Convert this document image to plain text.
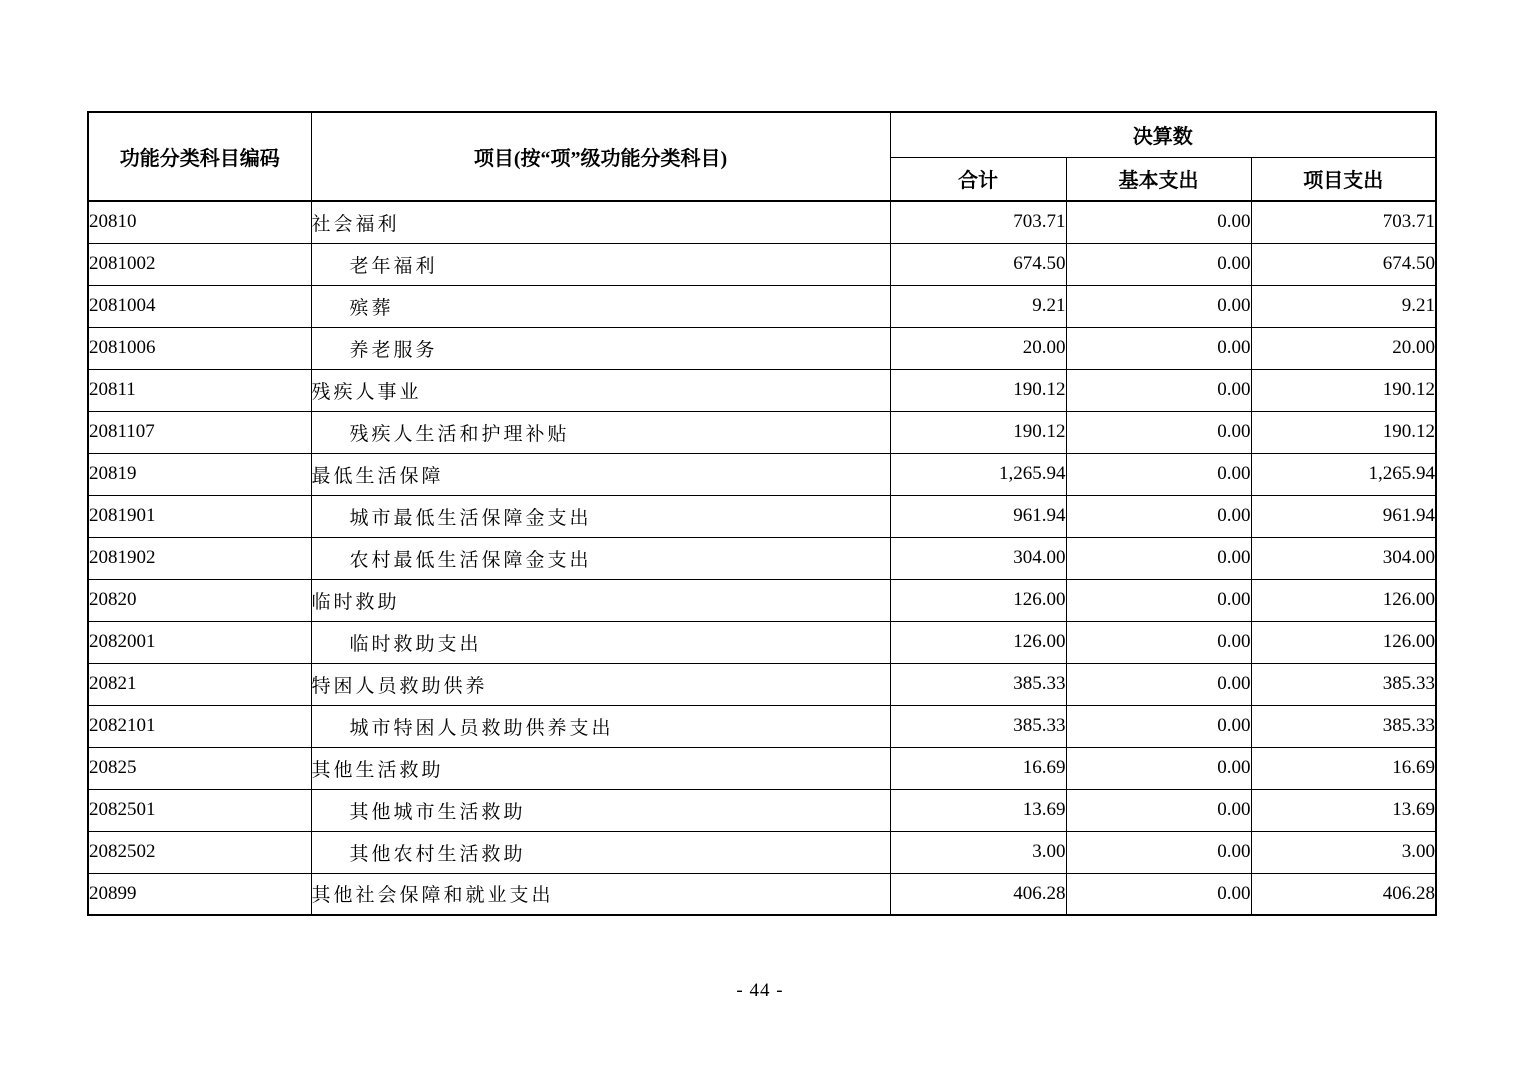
功能分类科目编码	项目(按“项”级功能分类科目)	决算数		
		合计	基本支出	项目支出
20810	社会福利	703.71	0.00	703.71
2081002	老年福利	674.50	0.00	674.50
2081004	殡葬	9.21	0.00	9.21
2081006	养老服务	20.00	0.00	20.00
20811	残疾人事业	190.12	0.00	190.12
2081107	残疾人生活和护理补贴	190.12	0.00	190.12
20819	最低生活保障	1,265.94	0.00	1,265.94
2081901	城市最低生活保障金支出	961.94	0.00	961.94
2081902	农村最低生活保障金支出	304.00	0.00	304.00
20820	临时救助	126.00	0.00	126.00
2082001	临时救助支出	126.00	0.00	126.00
20821	特困人员救助供养	385.33	0.00	385.33
2082101	城市特困人员救助供养支出	385.33	0.00	385.33
20825	其他生活救助	16.69	0.00	16.69
2082501	其他城市生活救助	13.69	0.00	13.69
2082502	其他农村生活救助	3.00	0.00	3.00
20899	其他社会保障和就业支出	406.28	0.00	406.28
- 44 -
